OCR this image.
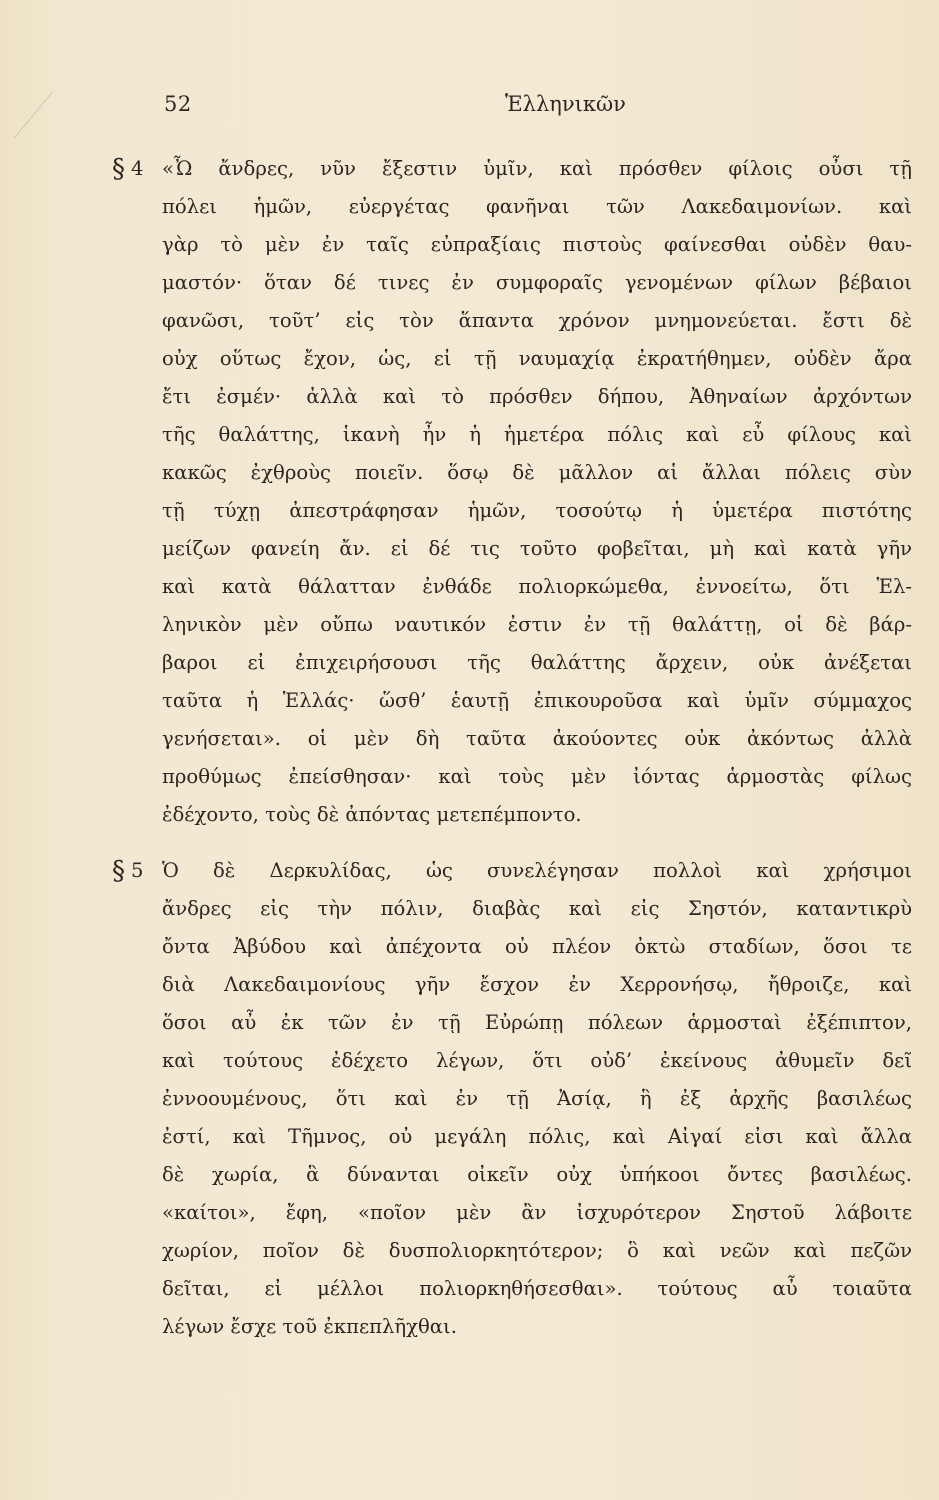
52	Ἑλληνικῶν
§ 4 «Ὦ ἄνδρες, νῦν ἔξεστιν ὑμῖν, καὶ πρόσθεν φίλοις οὖσι τῇ
πόλει ἡμῶν, εὐεργέτας φανῆναι τῶν Λακεδαιμονίων. καὶ
γὰρ τὸ μὲν ἐν ταῖς εὐπραξίαις πιστοὺς φαίνεσθαι οὐδὲν θαυ-
μαστόν· ὅταν δέ τινες ἐν συμφοραῖς γενομένων φίλων βέβαιοι
φανῶσι, τοῦτ’ εἰς τὸν ἅπαντα χρόνον μνημονεύεται. ἔστι δὲ
οὐχ οὕτως ἔχον, ὡς, εἰ τῇ ναυμαχίᾳ ἐκρατήθημεν, οὐδὲν ἄρα
ἔτι ἐσμέν· ἀλλὰ καὶ τὸ πρόσθεν δήπου, Ἀθηναίων ἀρχόντων
τῆς θαλάττης, ἱκανὴ ἦν ἡ ἡμετέρα πόλις καὶ εὖ φίλους καὶ
κακῶς ἐχθροὺς ποιεῖν. ὅσῳ δὲ μᾶλλον αἱ ἄλλαι πόλεις σὺν
τῇ τύχῃ ἀπεστράφησαν ἡμῶν, τοσούτῳ ἡ ὑμετέρα πιστότης
μείζων φανείη ἄν. εἰ δέ τις τοῦτο φοβεῖται, μὴ καὶ κατὰ γῆν
καὶ κατὰ θάλατταν ἐνθάδε πολιορκώμεθα, ἐννοείτω, ὅτι Ἑλ-
ληνικὸν μὲν οὔπω ναυτικόν ἐστιν ἐν τῇ θαλάττῃ, οἱ δὲ βάρ-
βαροι εἰ ἐπιχειρήσουσι τῆς θαλάττης ἄρχειν, οὐκ ἀνέξεται
ταῦτα ἡ Ἑλλάς· ὥσθ’ ἑαυτῇ ἐπικουροῦσα καὶ ὑμῖν σύμμαχος
γενήσεται». οἱ μὲν δὴ ταῦτα ἀκούοντες οὐκ ἀκόντως ἀλλὰ
προθύμως ἐπείσθησαν· καὶ τοὺς μὲν ἰόντας ἁρμοστὰς φίλως
ἐδέχοντο, τοὺς δὲ ἀπόντας μετεπέμποντο.
§ 5 Ὁ δὲ Δερκυλίδας, ὡς συνελέγησαν πολλοὶ καὶ χρήσιμοι
ἄνδρες εἰς τὴν πόλιν, διαβὰς καὶ εἰς Σηστόν, καταντικρὺ
ὄντα Ἀβύδου καὶ ἀπέχοντα οὐ πλέον ὀκτὼ σταδίων, ὅσοι τε
διὰ Λακεδαιμονίους γῆν ἔσχον ἐν Χερρονήσῳ, ἤθροιζε, καὶ
ὅσοι αὖ ἐκ τῶν ἐν τῇ Εὐρώπῃ πόλεων ἁρμοσταὶ ἐξέπιπτον,
καὶ τούτους ἐδέχετο λέγων, ὅτι οὐδ’ ἐκείνους ἀθυμεῖν δεῖ
ἐννοουμένους, ὅτι καὶ ἐν τῇ Ἀσίᾳ, ἣ ἐξ ἀρχῆς βασιλέως
ἐστί, καὶ Τῆμνος, οὐ μεγάλη πόλις, καὶ Αἰγαί εἰσι καὶ ἄλλα
δὲ χωρία, ἃ δύνανται οἰκεῖν οὐχ ὑπήκοοι ὄντες βασιλέως.
«καίτοι», ἔφη, «ποῖον μὲν ἂν ἰσχυρότερον Σηστοῦ λάβοιτε
χωρίον, ποῖον δὲ δυσπολιορκητότερον; ὃ καὶ νεῶν καὶ πεζῶν
δεῖται, εἰ μέλλοι πολιορκηθήσεσθαι». τούτους αὖ τοιαῦτα
λέγων ἔσχε τοῦ ἐκπεπλῆχθαι.
